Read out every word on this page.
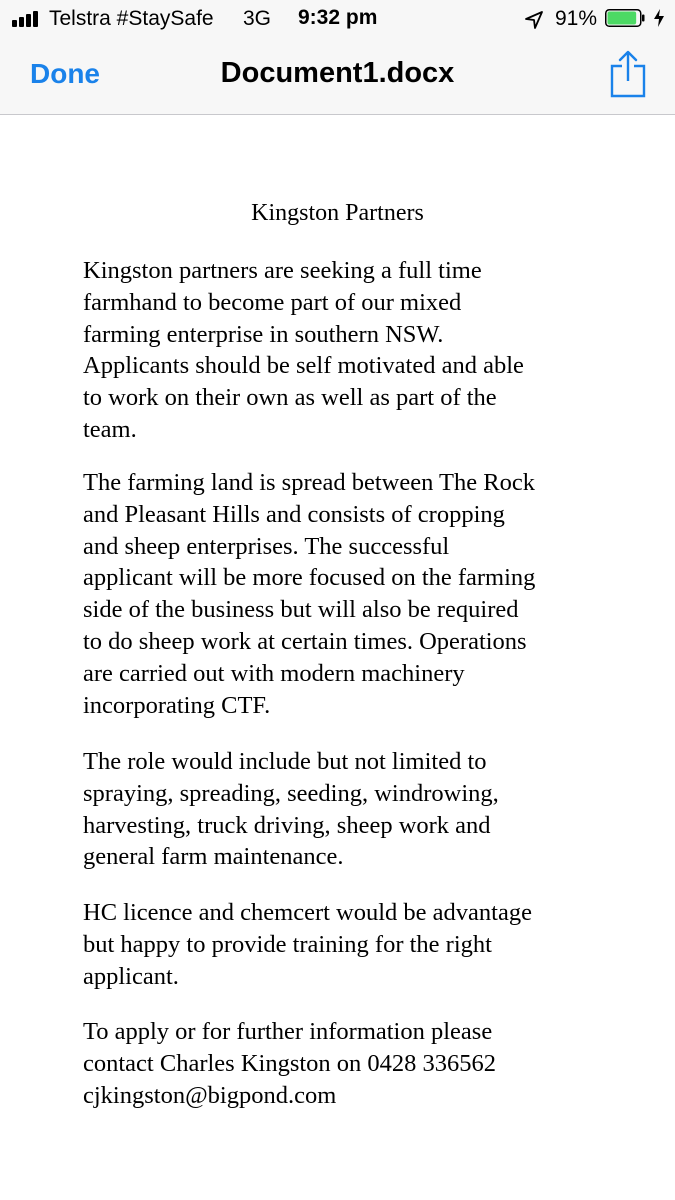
Telstra #StaySafe 3G 9:32 pm	91%
Done	Document1.docx
Kingston Partners

Kingston partners are seeking a full time
farmhand to become part of our mixed
farming enterprise in southern NSW.
Applicants should be self motivated and able
to work on their own as well as part of the
team.

The farming land is spread between The Rock
and Pleasant Hills and consists of cropping
and sheep enterprises. The successful
applicant will be more focused on the farming
side of the business but will also be required
to do sheep work at certain times. Operations
are carried out with modern machinery
incorporating CTF.

The role would include but not limited to
spraying, spreading, seeding, windrowing,
harvesting, truck driving, sheep work and
general farm maintenance.

HC licence and chemcert would be advantage
but happy to provide training for the right
applicant.

To apply or for further information please
contact Charles Kingston on 0428 336562
cjkingston@bigpond.com
